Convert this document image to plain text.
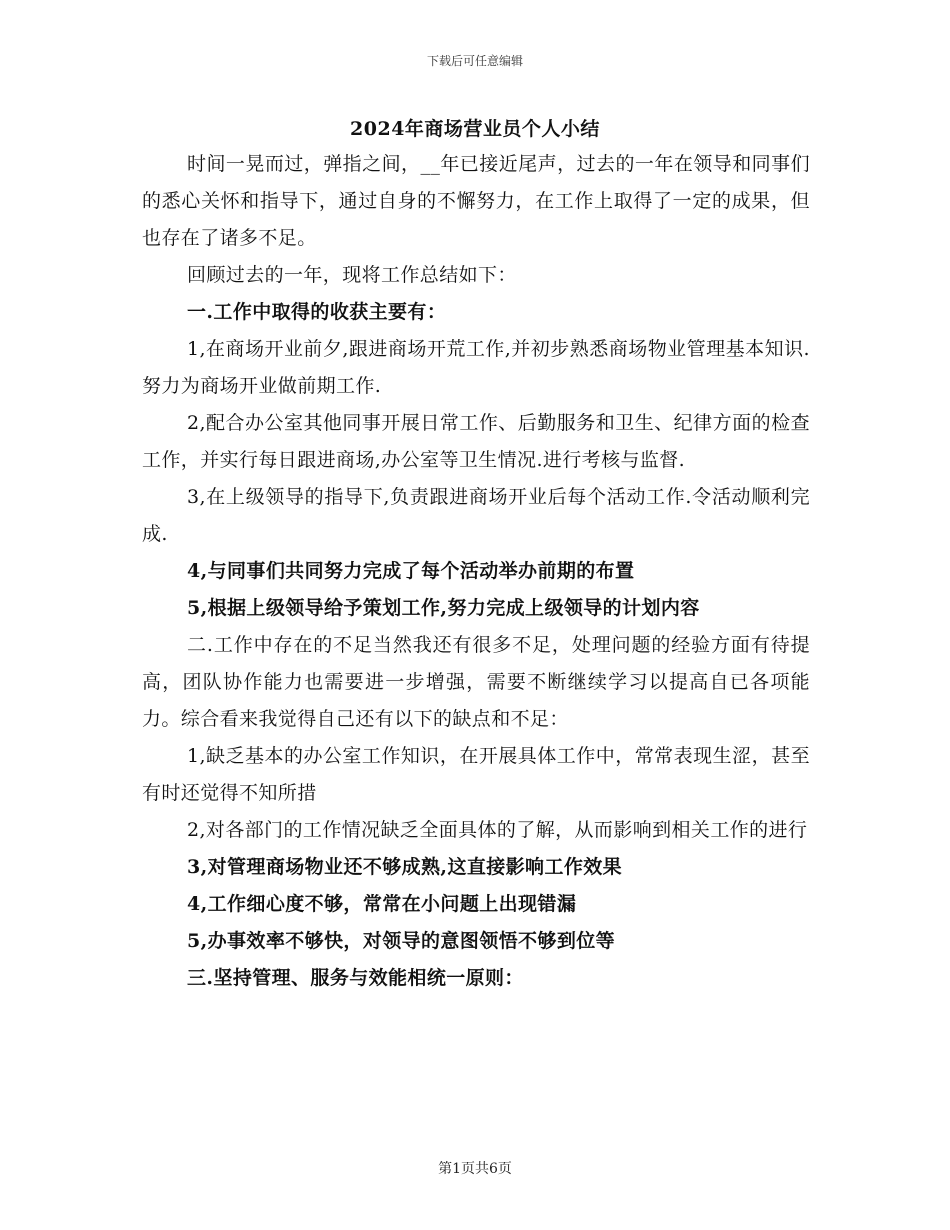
下载后可任意编辑
2024年商场营业员个人小结

时间一晃而过，弹指之间，__年已接近尾声，过去的一年在领导和同事们的悉心关怀和指导下，通过自身的不懈努力，在工作上取得了一定的成果，但也存在了诸多不足。

回顾过去的一年，现将工作总结如下：

一.工作中取得的收获主要有：

1,在商场开业前夕,跟进商场开荒工作,并初步熟悉商场物业管理基本知识.努力为商场开业做前期工作.

2,配合办公室其他同事开展日常工作、后勤服务和卫生、纪律方面的检查工作，并实行每日跟进商场,办公室等卫生情况.进行考核与监督.

3,在上级领导的指导下,负责跟进商场开业后每个活动工作.令活动顺利完成.

4,与同事们共同努力完成了每个活动举办前期的布置

5,根据上级领导给予策划工作,努力完成上级领导的计划内容

二.工作中存在的不足当然我还有很多不足，处理问题的经验方面有待提高，团队协作能力也需要进一步增强，需要不断继续学习以提高自已各项能力。综合看来我觉得自己还有以下的缺点和不足：

1,缺乏基本的办公室工作知识，在开展具体工作中，常常表现生涩，甚至有时还觉得不知所措

2,对各部门的工作情况缺乏全面具体的了解，从而影响到相关工作的进行

3,对管理商场物业还不够成熟,这直接影响工作效果

4,工作细心度不够，常常在小问题上出现错漏

5,办事效率不够快，对领导的意图领悟不够到位等

三.坚持管理、服务与效能相统一原则：

第1页共6页
